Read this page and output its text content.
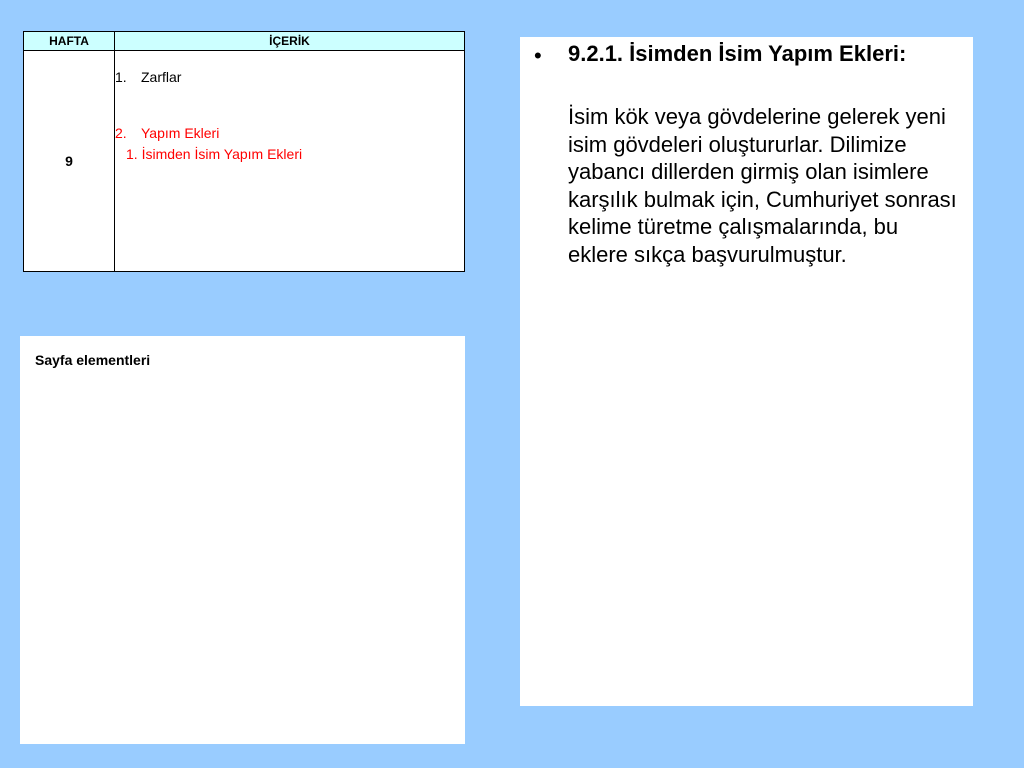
HAFTA	İÇERİK
9	1. Zarflar
2. Yapım Ekleri
1. İsimden İsim Yapım Ekleri
Sayfa elementleri
• 9.2.1. İsimden İsim Yapım Ekleri:

İsim kök veya gövdelerine gelerek yeni isim gövdeleri oluştururlar. Dilimize yabancı dillerden girmiş olan isimlere karşılık bulmak için, Cumhuriyet sonrası kelime türetme çalışmalarında, bu eklere sıkça başvurulmuştur.
